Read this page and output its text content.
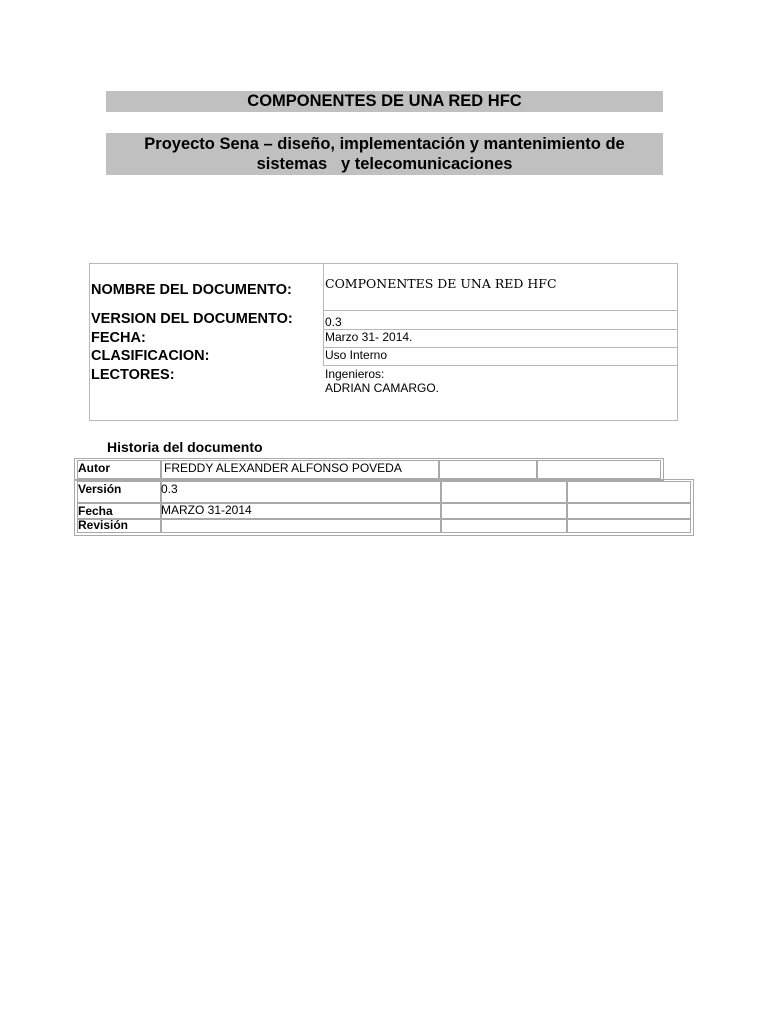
COMPONENTES DE UNA RED HFC
Proyecto Sena – diseño, implementación y mantenimiento de
sistemas   y telecomunicaciones
NOMBRE DEL DOCUMENTO:	COMPONENTES DE UNA RED HFC
VERSION DEL DOCUMENTO:	0.3
FECHA:	Marzo 31- 2014.
CLASIFICACION:	Uso Interno
LECTORES:	Ingenieros:
ADRIAN CAMARGO.
Historia del documento
Autor	FREDDY ALEXANDER ALFONSO POVEDA
Versión	0.3
Fecha	MARZO 31-2014
Revisión
